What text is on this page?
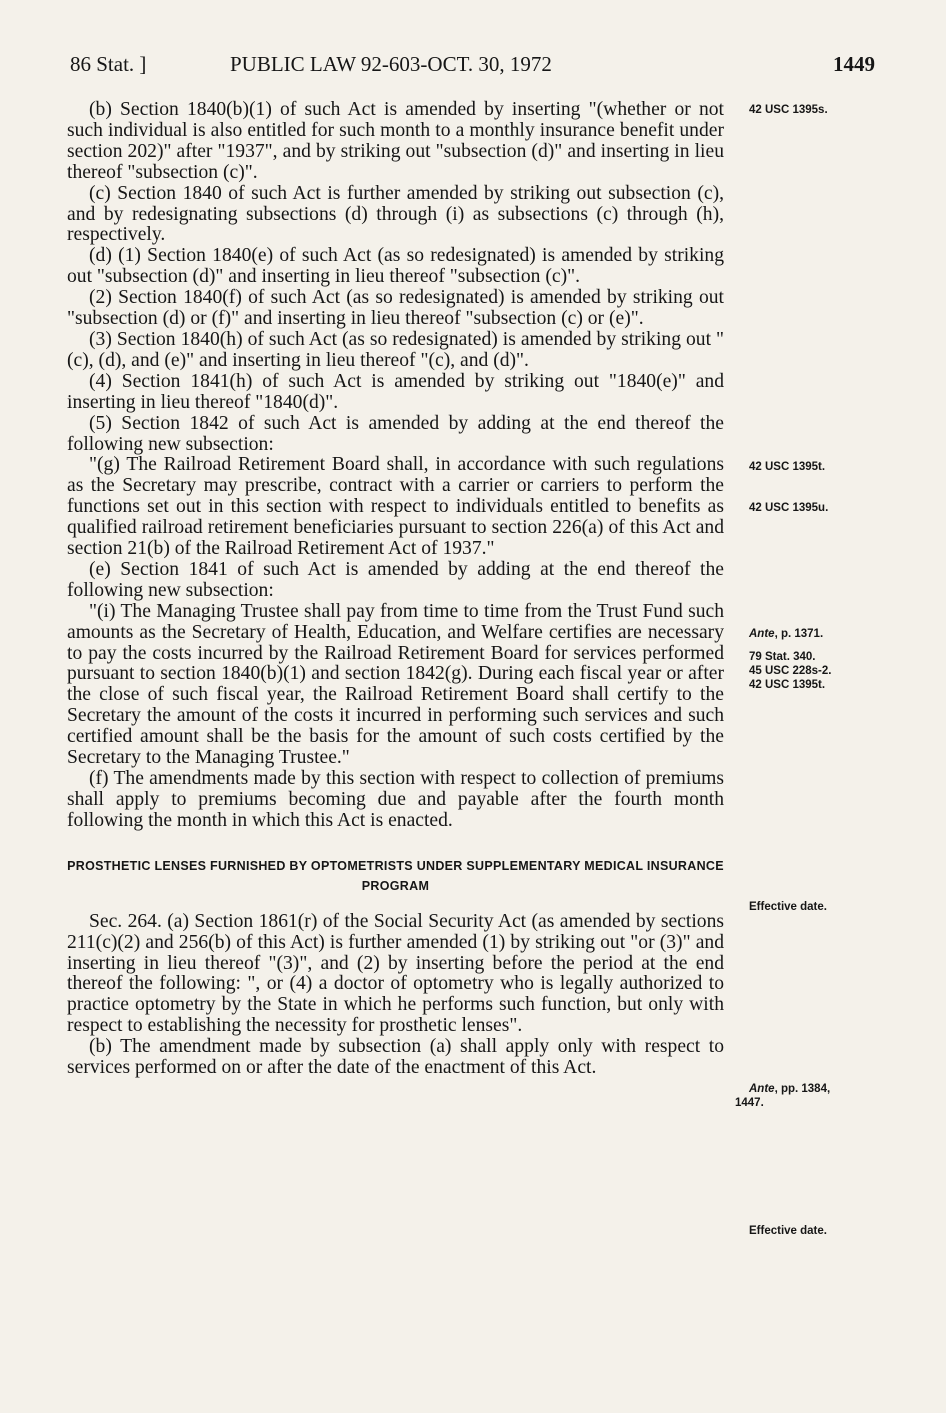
86 Stat. ]	PUBLIC LAW 92-603-OCT. 30, 1972	1449

(b) Section 1840(b)(1) of such Act is amended by inserting "(whether or not such individual is also entitled for such month to a monthly insurance benefit under section 202)" after "1937", and by striking out "subsection (d)" and inserting in lieu thereof "subsection (c)".

(c) Section 1840 of such Act is further amended by striking out subsection (c), and by redesignating subsections (d) through (i) as subsections (c) through (h), respectively.

(d) (1) Section 1840(e) of such Act (as so redesignated) is amended by striking out "subsection (d)" and inserting in lieu thereof "subsection (c)".

(2) Section 1840(f) of such Act (as so redesignated) is amended by striking out "subsection (d) or (f)" and inserting in lieu thereof "subsection (c) or (e)".

(3) Section 1840(h) of such Act (as so redesignated) is amended by striking out "(c), (d), and (e)" and inserting in lieu thereof "(c), and (d)".

(4) Section 1841(h) of such Act is amended by striking out "1840(e)" and inserting in lieu thereof "1840(d)".

(5) Section 1842 of such Act is amended by adding at the end thereof the following new subsection:

"(g) The Railroad Retirement Board shall, in accordance with such regulations as the Secretary may prescribe, contract with a carrier or carriers to perform the functions set out in this section with respect to individuals entitled to benefits as qualified railroad retirement beneficiaries pursuant to section 226(a) of this Act and section 21(b) of the Railroad Retirement Act of 1937."

(e) Section 1841 of such Act is amended by adding at the end thereof the following new subsection:

"(i) The Managing Trustee shall pay from time to time from the Trust Fund such amounts as the Secretary of Health, Education, and Welfare certifies are necessary to pay the costs incurred by the Railroad Retirement Board for services performed pursuant to section 1840(b)(1) and section 1842(g). During each fiscal year or after the close of such fiscal year, the Railroad Retirement Board shall certify to the Secretary the amount of the costs it incurred in performing such services and such certified amount shall be the basis for the amount of such costs certified by the Secretary to the Managing Trustee."

(f) The amendments made by this section with respect to collection of premiums shall apply to premiums becoming due and payable after the fourth month following the month in which this Act is enacted.

PROSTHETIC LENSES FURNISHED BY OPTOMETRISTS UNDER SUPPLEMENTARY MEDICAL INSURANCE PROGRAM

Sec. 264. (a) Section 1861(r) of the Social Security Act (as amended by sections 211(c)(2) and 256(b) of this Act) is further amended (1) by striking out "or (3)" and inserting in lieu thereof "(3)", and (2) by inserting before the period at the end thereof the following: ", or (4) a doctor of optometry who is legally authorized to practice optometry by the State in which he performs such function, but only with respect to establishing the necessity for prosthetic lenses".

(b) The amendment made by subsection (a) shall apply only with respect to services performed on or after the date of the enactment of this Act.

42 USC 1395s.
42 USC 1395t.
42 USC 1395u.
Ante, p. 1371.
79 Stat. 340.
45 USC 228s-2.
42 USC 1395t.
Effective date.
Ante, pp. 1384,
1447.
Effective date.
